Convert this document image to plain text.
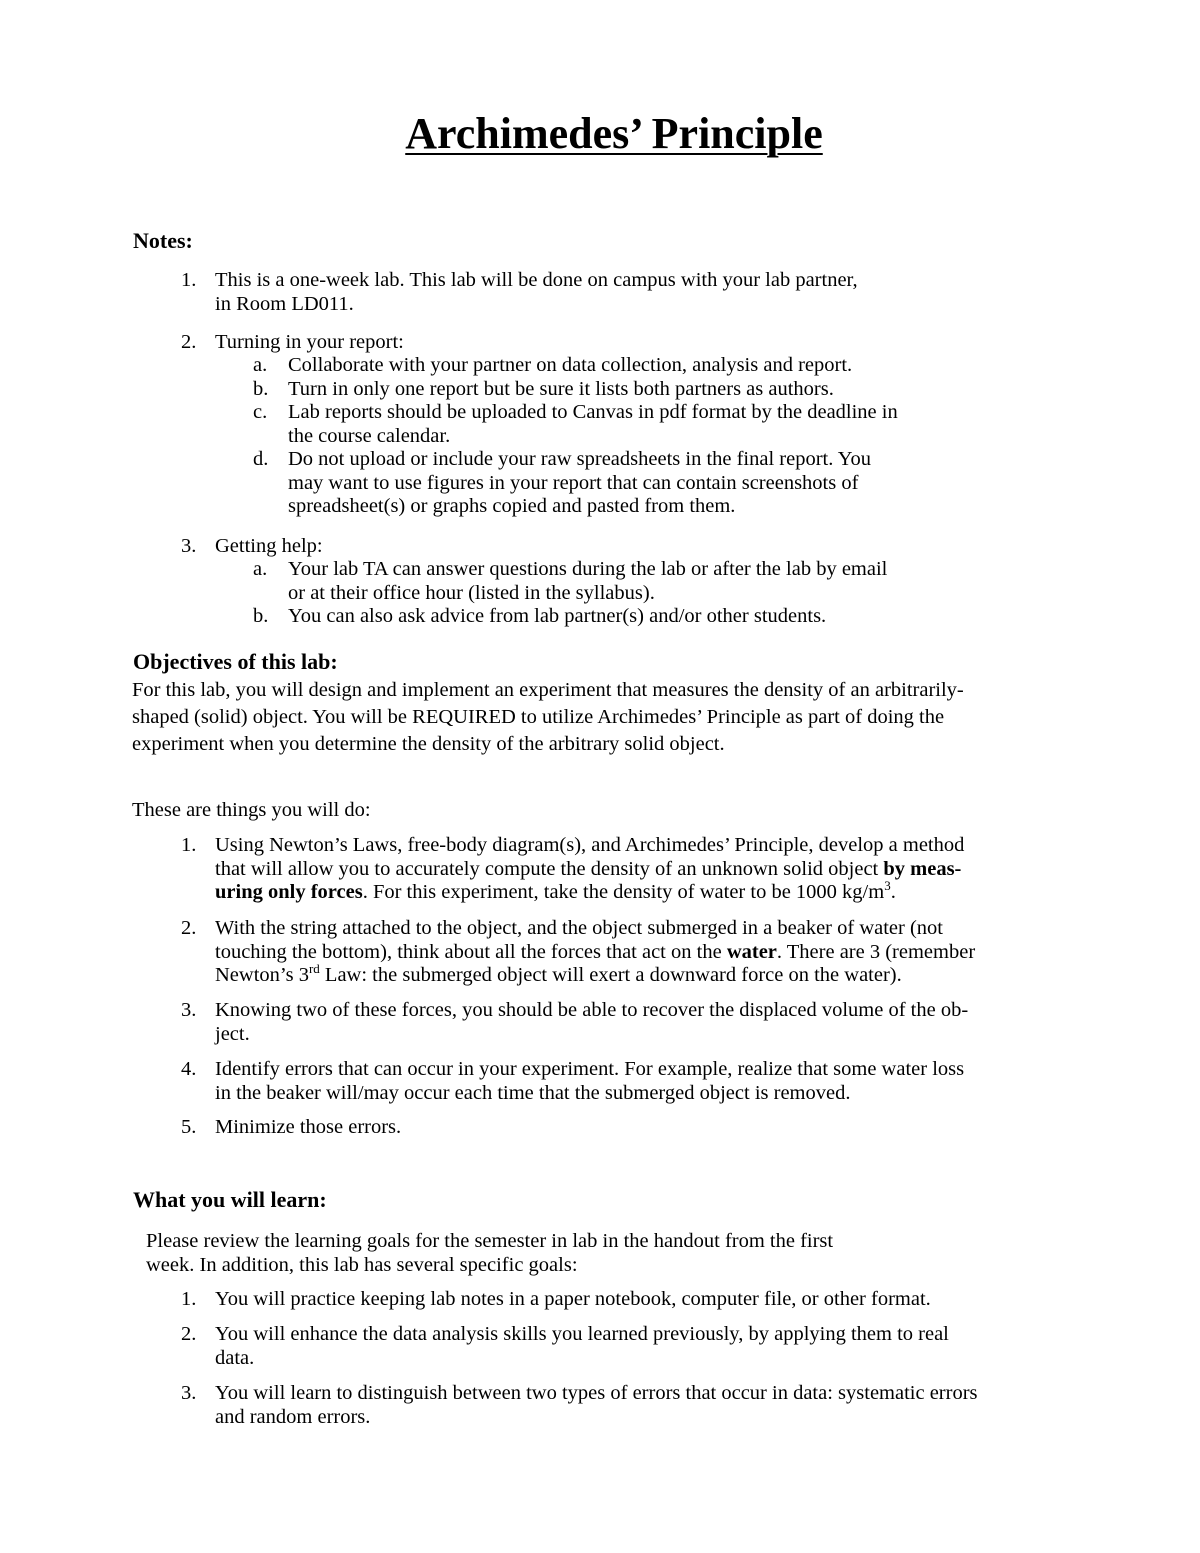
Archimedes’ Principle
Notes:
1. This is a one-week lab. This lab will be done on campus with your lab partner,
in Room LD011.
2. Turning in your report:
a. Collaborate with your partner on data collection, analysis and report.
b. Turn in only one report but be sure it lists both partners as authors.
c. Lab reports should be uploaded to Canvas in pdf format by the deadline in
the course calendar.
d. Do not upload or include your raw spreadsheets in the final report. You
may want to use figures in your report that can contain screenshots of
spreadsheet(s) or graphs copied and pasted from them.
3. Getting help:
a. Your lab TA can answer questions during the lab or after the lab by email
or at their office hour (listed in the syllabus).
b. You can also ask advice from lab partner(s) and/or other students.
Objectives of this lab:
For this lab, you will design and implement an experiment that measures the density of an arbitrarily-
shaped (solid) object. You will be REQUIRED to utilize Archimedes’ Principle as part of doing the
experiment when you determine the density of the arbitrary solid object.
These are things you will do:
1. Using Newton’s Laws, free-body diagram(s), and Archimedes’ Principle, develop a method
that will allow you to accurately compute the density of an unknown solid object by meas-
uring only forces. For this experiment, take the density of water to be 1000 $kg/m^3$.
2. With the string attached to the object, and the object submerged in a beaker of water (not
touching the bottom), think about all the forces that act on the water. There are 3 (remember
Newton’s 3rd Law: the submerged object will exert a downward force on the water).
3. Knowing two of these forces, you should be able to recover the displaced volume of the ob-
ject.
4. Identify errors that can occur in your experiment. For example, realize that some water loss
in the beaker will/may occur each time that the submerged object is removed.
5. Minimize those errors.
What you will learn:
Please review the learning goals for the semester in lab in the handout from the first
week. In addition, this lab has several specific goals:
1. You will practice keeping lab notes in a paper notebook, computer file, or other format.
2. You will enhance the data analysis skills you learned previously, by applying them to real
data.
3. You will learn to distinguish between two types of errors that occur in data: systematic errors
and random errors.
